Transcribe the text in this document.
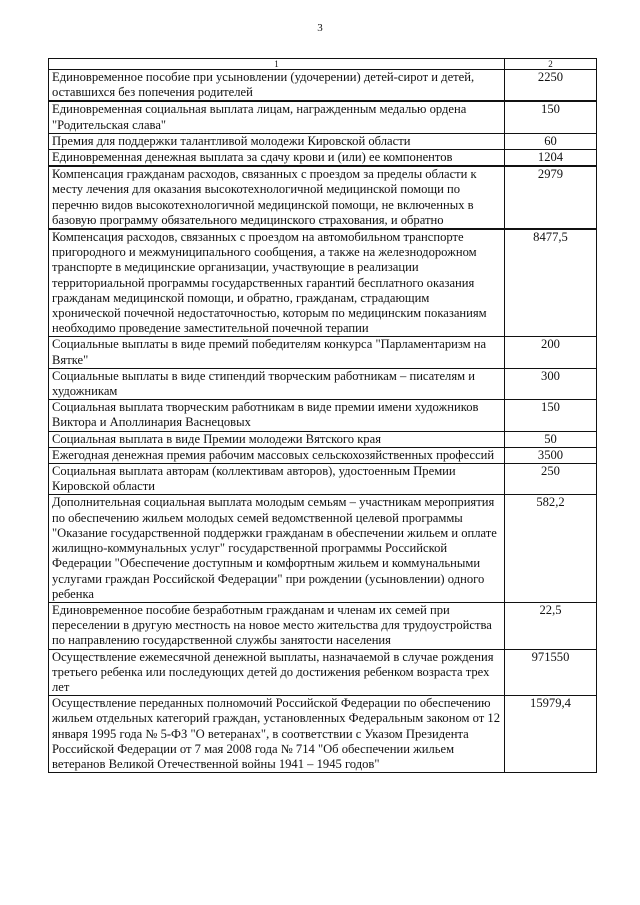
3
1	2
Единовременное пособие при усыновлении (удочерении) детей-сирот и детей, оставшихся без попечения родителей	2250
Единовременная социальная выплата лицам, награжденным медалью ордена "Родительская слава"	150
Премия для поддержки талантливой молодежи Кировской области	60
Единовременная денежная выплата за сдачу крови и (или) ее компонентов	1204
Компенсация гражданам расходов, связанных с проездом за пределы области к месту лечения для оказания высокотехнологичной медицинской помощи по перечню видов высокотехнологичной медицинской помощи, не включенных в базовую программу обязательного медицинского страхования, и обратно	2979
Компенсация расходов, связанных с проездом на автомобильном транспорте пригородного и межмуниципального сообщения, а также на железнодорожном транспорте в медицинские организации, участвующие в реализации территориальной программы государственных гарантий бесплатного оказания гражданам медицинской помощи, и обратно, гражданам, страдающим хронической почечной недостаточностью, которым по медицинским показаниям необходимо проведение заместительной почечной терапии	8477,5
Социальные выплаты в виде премий победителям конкурса "Парламентаризм на Вятке"	200
Социальные выплаты в виде стипендий творческим работникам – писателям и художникам	300
Социальная выплата творческим работникам в виде премии имени художников Виктора и Аполлинария Васнецовых	150
Социальная выплата в виде Премии молодежи Вятского края	50
Ежегодная денежная премия рабочим массовых сельскохозяйственных профессий	3500
Социальная выплата авторам (коллективам авторов), удостоенным Премии Кировской области	250
Дополнительная социальная выплата молодым семьям – участникам мероприятия по обеспечению жильем молодых семей ведомственной целевой программы "Оказание государственной поддержки гражданам в обеспечении жильем и оплате жилищно-коммунальных услуг" государственной программы Российской Федерации "Обеспечение доступным и комфортным жильем и коммунальными услугами граждан Российской Федерации" при рождении (усыновлении) одного ребенка	582,2
Единовременное пособие безработным гражданам и членам их семей при переселении в другую местность на новое место жительства для трудоустройства по направлению государственной службы занятости населения	22,5
Осуществление ежемесячной денежной выплаты, назначаемой в случае рождения третьего ребенка или последующих детей до достижения ребенком возраста трех лет	971550
Осуществление переданных полномочий Российской Федерации по обеспечению жильем отдельных категорий граждан, установленных Федеральным законом от 12 января 1995 года № 5-ФЗ "О ветеранах", в соответствии с Указом Президента Российской Федерации от 7 мая 2008 года № 714 "Об обеспечении жильем ветеранов Великой Отечественной войны 1941 – 1945 годов"	15979,4
